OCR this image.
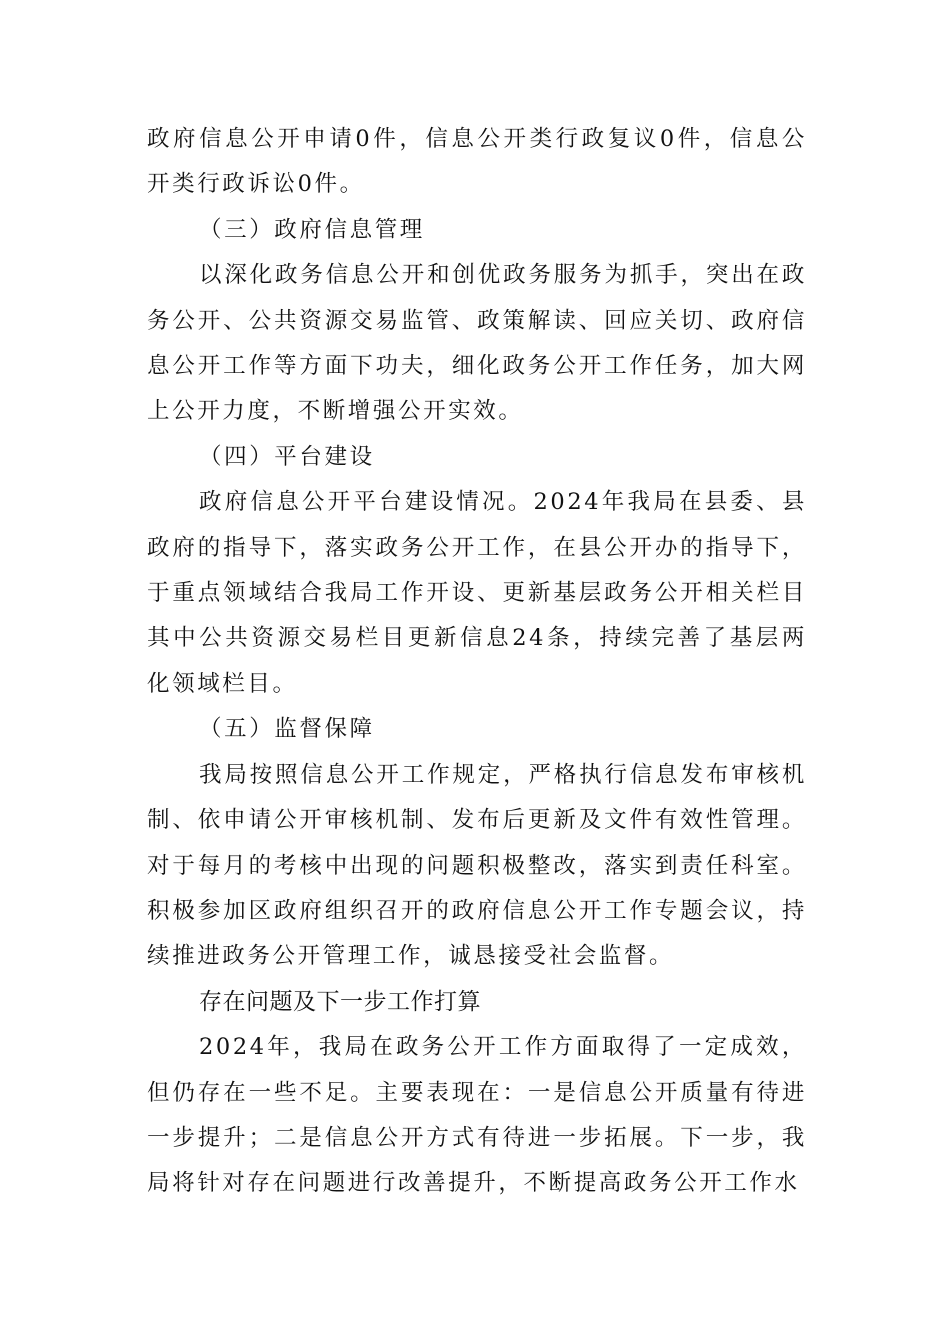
政府信息公开申请0件，信息公开类行政复议0件，信息公开类行政诉讼0件。

（三）政府信息管理

以深化政务信息公开和创优政务服务为抓手，突出在政务公开、公共资源交易监管、政策解读、回应关切、政府信息公开工作等方面下功夫，细化政务公开工作任务，加大网上公开力度，不断增强公开实效。

（四）平台建设

政府信息公开平台建设情况。2024年我局在县委、县政府的指导下，落实政务公开工作，在县公开办的指导下，于重点领域结合我局工作开设、更新基层政务公开相关栏目其中公共资源交易栏目更新信息24条，持续完善了基层两化领域栏目。

（五）监督保障

我局按照信息公开工作规定，严格执行信息发布审核机制、依申请公开审核机制、发布后更新及文件有效性管理。对于每月的考核中出现的问题积极整改，落实到责任科室。积极参加区政府组织召开的政府信息公开工作专题会议，持续推进政务公开管理工作，诚恳接受社会监督。

存在问题及下一步工作打算

2024年，我局在政务公开工作方面取得了一定成效，但仍存在一些不足。主要表现在：一是信息公开质量有待进一步提升；二是信息公开方式有待进一步拓展。下一步，我局将针对存在问题进行改善提升，不断提高政务公开工作水
